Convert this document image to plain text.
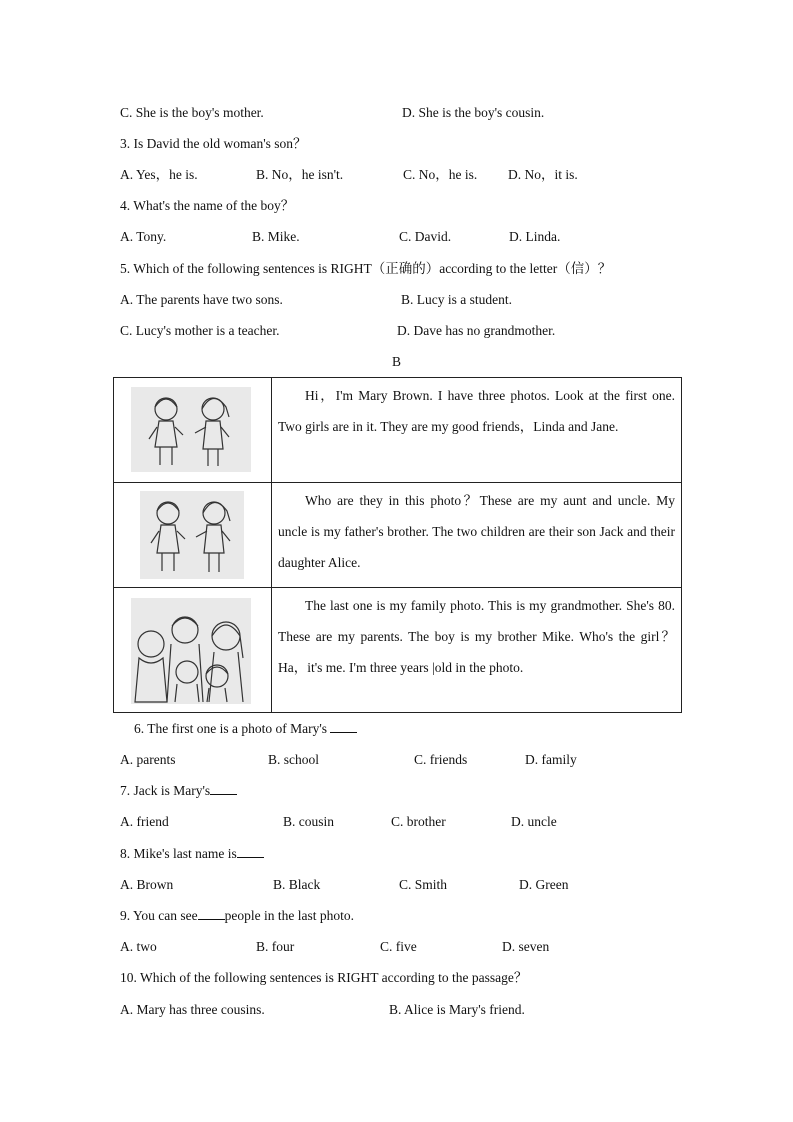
C. She is the boy's mother.	D. She is the boy's cousin.
3. Is David the old woman's son？
A. Yes，he is.	B. No，he isn't.	C. No，he is. D. No，it is.
4. What's the name of the boy？
A. Tony.	B. Mike.	C. David.	D. Linda.
5. Which of the following sentences is RIGHT（正确的）according to the letter（信）？
A. The parents have two sons.	B. Lucy is a student.
C. Lucy's mother is a teacher.	D. Dave has no grandmother.
B

Hi，I'm Mary Brown. I have three photos. Look at the first one. Two girls are in it. They are my good friends，Linda and Jane.

Who are they in this photo？These are my aunt and uncle. My uncle is my father's brother. The two children are their son Jack and their daughter Alice.

The last one is my family photo. This is my grandmother. She's 80. These are my parents. The boy is my brother Mike. Who's the girl？Ha，it's me. I'm three years |old in the photo.

6. The first one is a photo of Mary's
A. parents	B. school	C. friends	D. family
7. Jack is Mary's
A. friend	B. cousin	C. brother	D. uncle
8. Mike's last name is
A. Brown	B. Black	C. Smith	D. Green
9. You can see people in the last photo.
A. two	B. four	C. five	D. seven
10. Which of the following sentences is RIGHT according to the passage？
A. Mary has three cousins.	B. Alice is Mary's friend.
